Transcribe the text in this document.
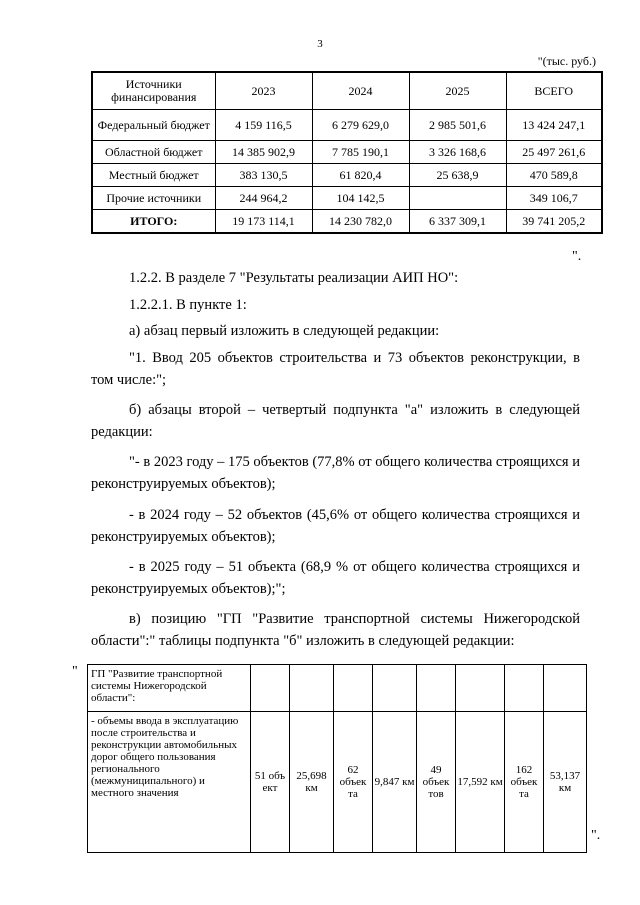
3
"(тыс. руб.)
Источники финансирования	2023	2024	2025	ВСЕГО
Федеральный бюджет	4 159 116,5	6 279 629,0	2 985 501,6	13 424 247,1
Областной бюджет	14 385 902,9	7 785 190,1	3 326 168,6	25 497 261,6
Местный бюджет	383 130,5	61 820,4	25 638,9	470 589,8
Прочие источники	244 964,2	104 142,5		349 106,7
ИТОГО:	19 173 114,1	14 230 782,0	6 337 309,1	39 741 205,2
".

1.2.2. В разделе 7 "Результаты реализации АИП НО":

1.2.2.1. В пункте 1:

а) абзац первый изложить в следующей редакции:

"1. Ввод 205 объектов строительства и 73 объектов реконструкции, в том числе:";

б) абзацы второй – четвертый подпункта "а" изложить в следующей редакции:

"- в 2023 году – 175 объектов (77,8% от общего количества строящихся и реконструируемых объектов);

- в 2024 году – 52 объектов (45,6% от общего количества строящихся и реконструируемых объектов);

- в 2025 году – 51 объекта (68,9 % от общего количества строящихся и реконструируемых объектов);";

в) позицию "ГП "Развитие транспортной системы Нижегородской области":" таблицы подпункта "б" изложить в следующей редакции:

" ГП "Развитие транспортной системы Нижегородской области":								
- объемы ввода в эксплуатацию после строительства и реконструкции автомобильных дорог общего пользования регионального (межмуниципального) и местного значения	51 объ ект	25,698 км	62 объек та	9,847 км	49 объек тов	17,592 км	162 объек та	53,137 км
".
